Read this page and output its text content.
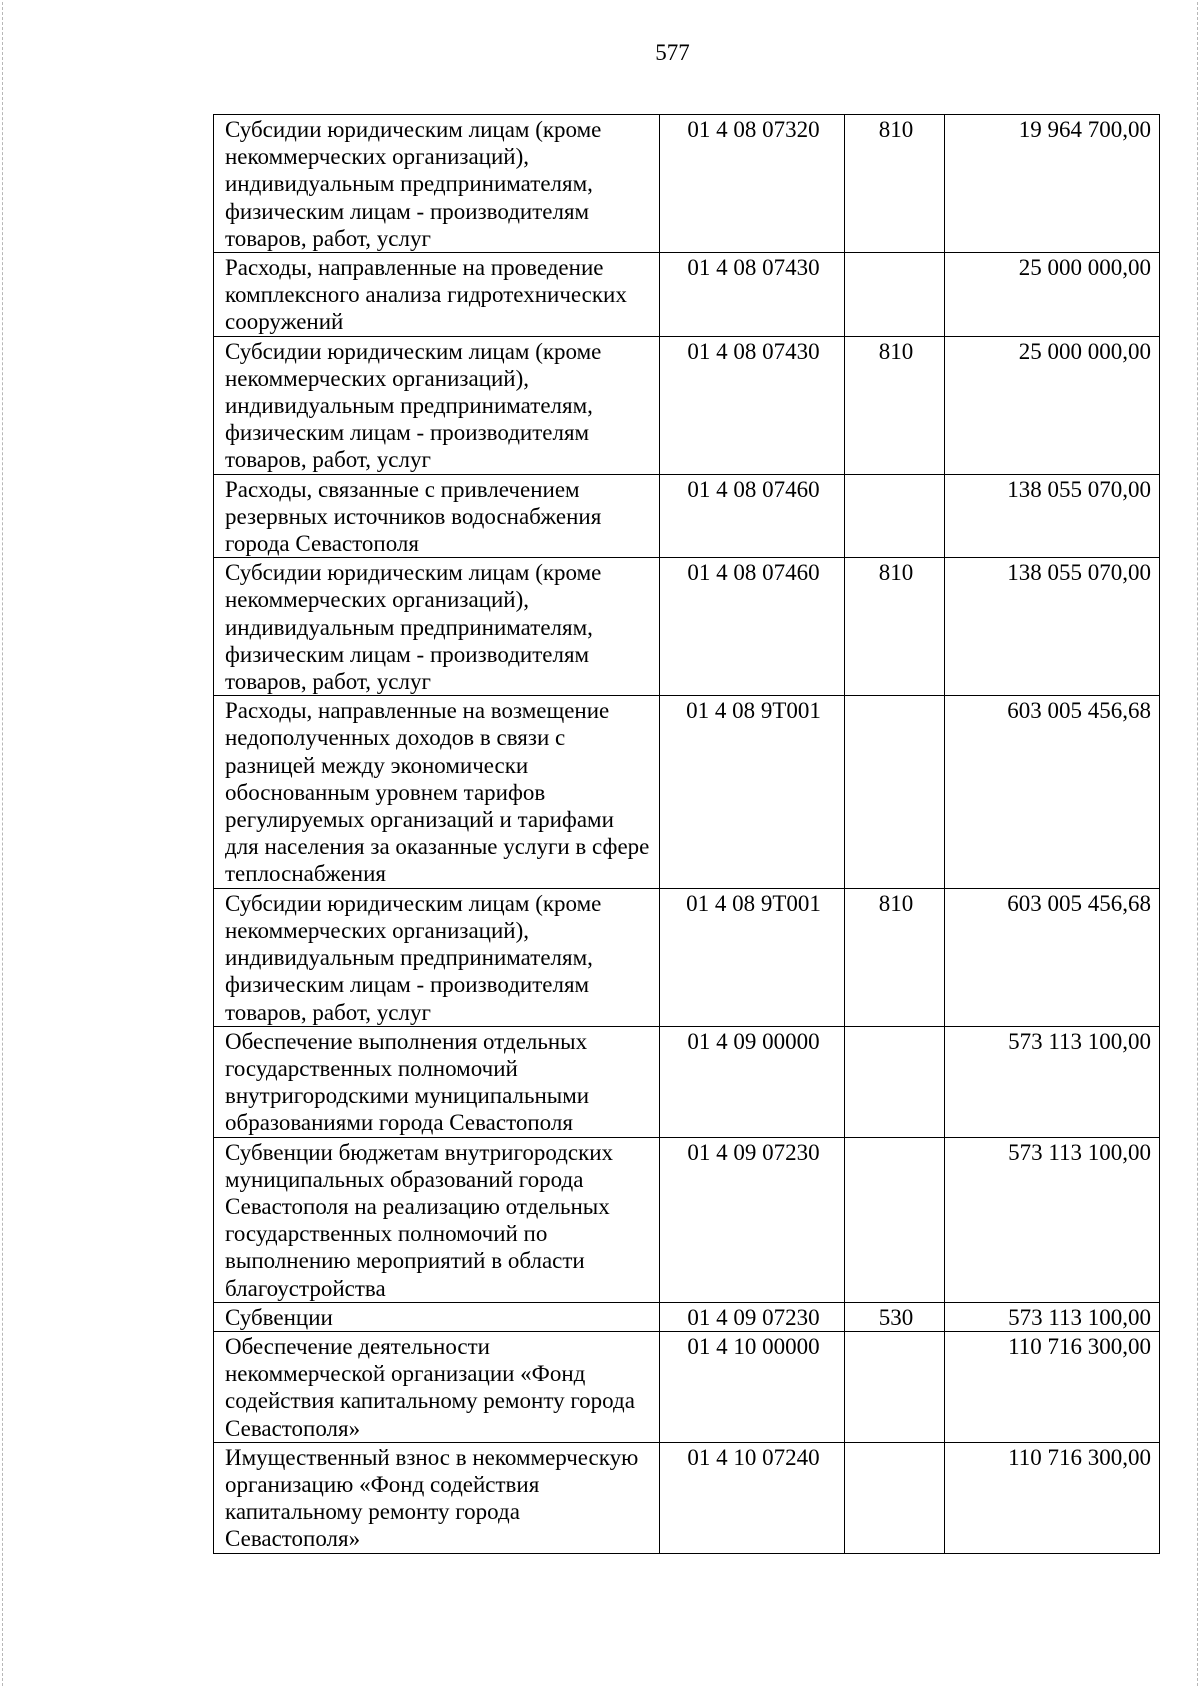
577
Субсидии юридическим лицам (кроме некоммерческих организаций), индивидуальным предпринимателям, физическим лицам - производителям товаров, работ, услуг	01 4 08 07320	810	19 964 700,00
Расходы, направленные на проведение комплексного анализа гидротехнических сооружений	01 4 08 07430		25 000 000,00
Субсидии юридическим лицам (кроме некоммерческих организаций), индивидуальным предпринимателям, физическим лицам - производителям товаров, работ, услуг	01 4 08 07430	810	25 000 000,00
Расходы, связанные с привлечением резервных источников водоснабжения города Севастополя	01 4 08 07460		138 055 070,00
Субсидии юридическим лицам (кроме некоммерческих организаций), индивидуальным предпринимателям, физическим лицам - производителям товаров, работ, услуг	01 4 08 07460	810	138 055 070,00
Расходы, направленные на возмещение недополученных доходов в связи с разницей между экономически обоснованным уровнем тарифов регулируемых организаций и тарифами для населения за оказанные услуги в сфере теплоснабжения	01 4 08 9Т001		603 005 456,68
Субсидии юридическим лицам (кроме некоммерческих организаций), индивидуальным предпринимателям, физическим лицам - производителям товаров, работ, услуг	01 4 08 9Т001	810	603 005 456,68
Обеспечение выполнения отдельных государственных полномочий внутригородскими муниципальными образованиями города Севастополя	01 4 09 00000		573 113 100,00
Субвенции бюджетам внутригородских муниципальных образований города Севастополя на реализацию отдельных государственных полномочий по выполнению мероприятий в области благоустройства	01 4 09 07230		573 113 100,00
Субвенции	01 4 09 07230	530	573 113 100,00
Обеспечение деятельности некоммерческой организации «Фонд содействия капитальному ремонту города Севастополя»	01 4 10 00000		110 716 300,00
Имущественный взнос в некоммерческую организацию «Фонд содействия капитальному ремонту города Севастополя»	01 4 10 07240		110 716 300,00
